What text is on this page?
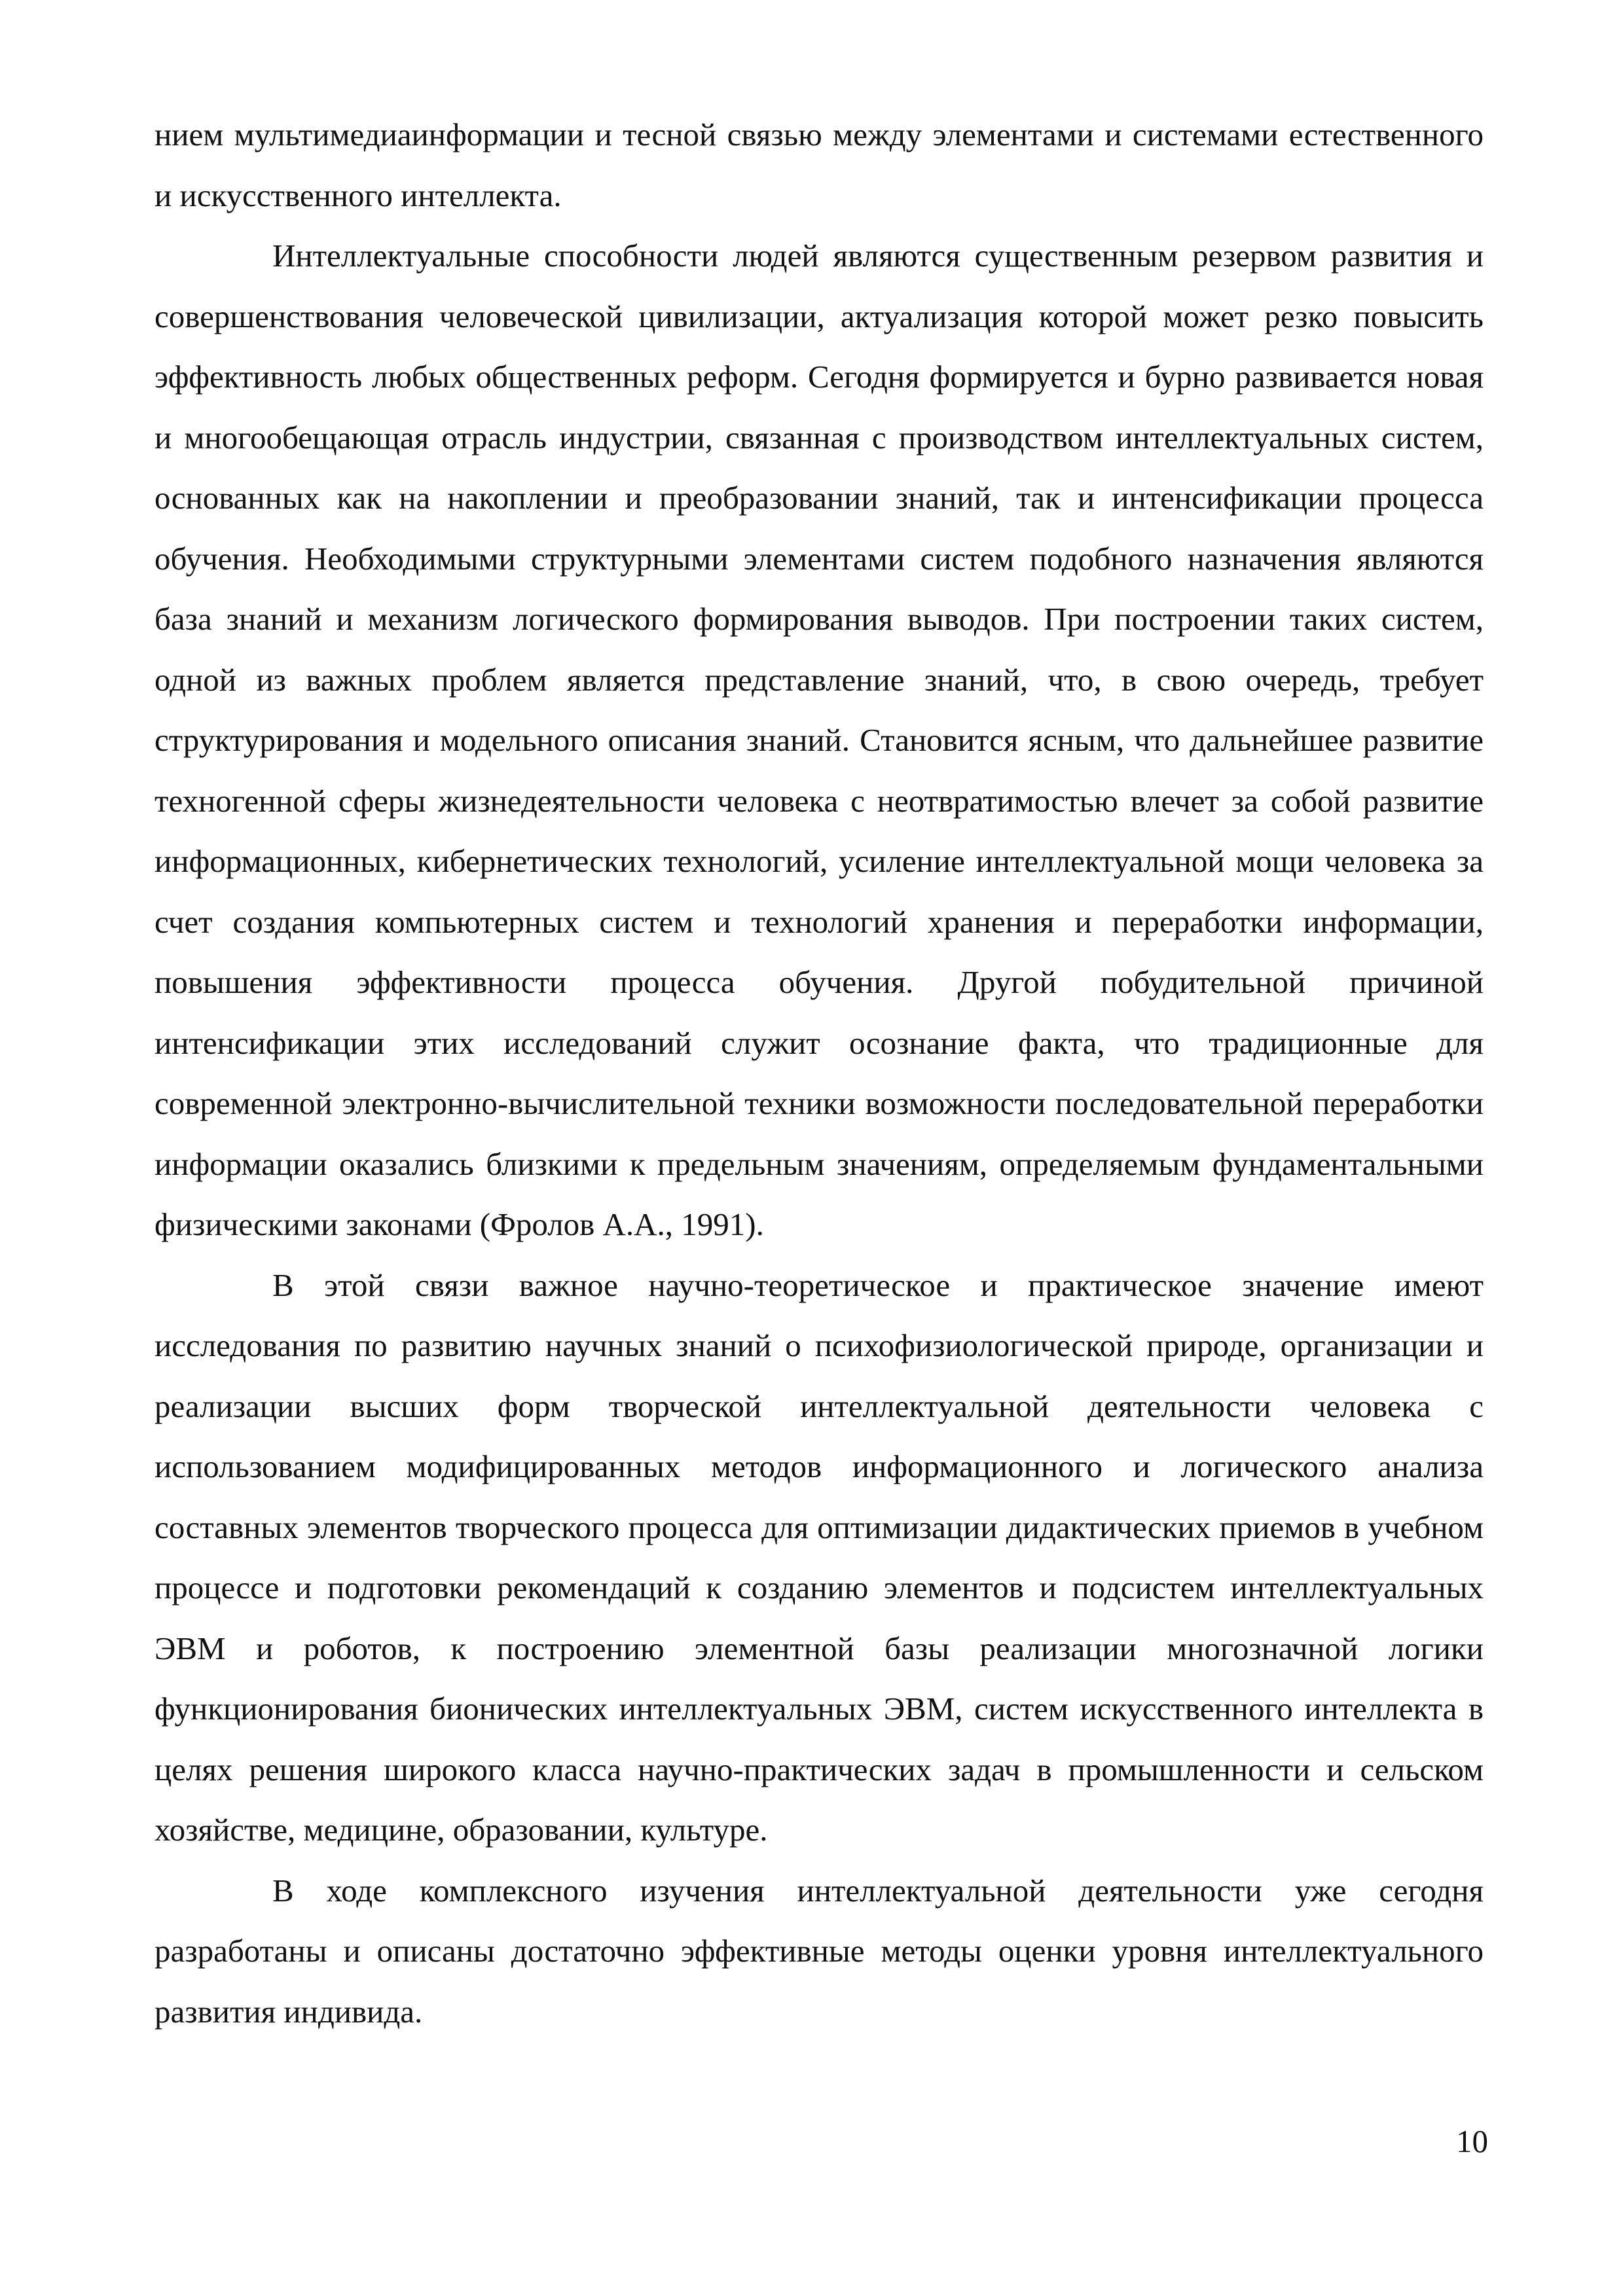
нием мультимедиаинформации и тесной связью между элементами и системами естественного и искусственного интеллекта.

Интеллектуальные способности людей являются существенным резервом развития и совершенствования человеческой цивилизации, актуализация которой может резко повысить эффективность любых общественных реформ. Сегодня формируется и бурно развивается новая и многообещающая отрасль индустрии, связанная с производством интеллектуальных систем, основанных как на накоплении и преобразовании знаний, так и интенсификации процесса обучения. Необходимыми структурными элементами систем подобного назначения являются база знаний и механизм логического формирования выводов. При построении таких систем, одной из важных проблем является представление знаний, что, в свою очередь, требует структурирования и модельного описания знаний. Становится ясным, что дальнейшее развитие техногенной сферы жизнедеятельности человека с неотвратимостью влечет за собой развитие информационных, кибернетических технологий, усиление интеллектуальной мощи человека за счет создания компьютерных систем и технологий хранения и переработки информации, повышения эффективности процесса обучения. Другой побудительной причиной интенсификации этих исследований служит осознание факта, что традиционные для современной электронно-вычислительной техники возможности последовательной переработки информации оказались близкими к предельным значениям, определяемым фундаментальными физическими законами (Фролов А.А., 1991).

В этой связи важное научно-теоретическое и практическое значение имеют исследования по развитию научных знаний о психофизиологической природе, организации и реализации высших форм творческой интеллектуальной деятельности человека с использованием модифицированных методов информационного и логического анализа составных элементов творческого процесса для оптимизации дидактических приемов в учебном процессе и подготовки рекомендаций к созданию элементов и подсистем интеллектуальных ЭВМ и роботов, к построению элементной базы реализации многозначной логики функционирования бионических интеллектуальных ЭВМ, систем искусственного интеллекта в целях решения широкого класса научно-практических задач в промышленности и сельском хозяйстве, медицине, образовании, культуре.

В ходе комплексного изучения интеллектуальной деятельности уже сегодня разработаны и описаны достаточно эффективные методы оценки уровня интеллектуального развития индивида.

10
